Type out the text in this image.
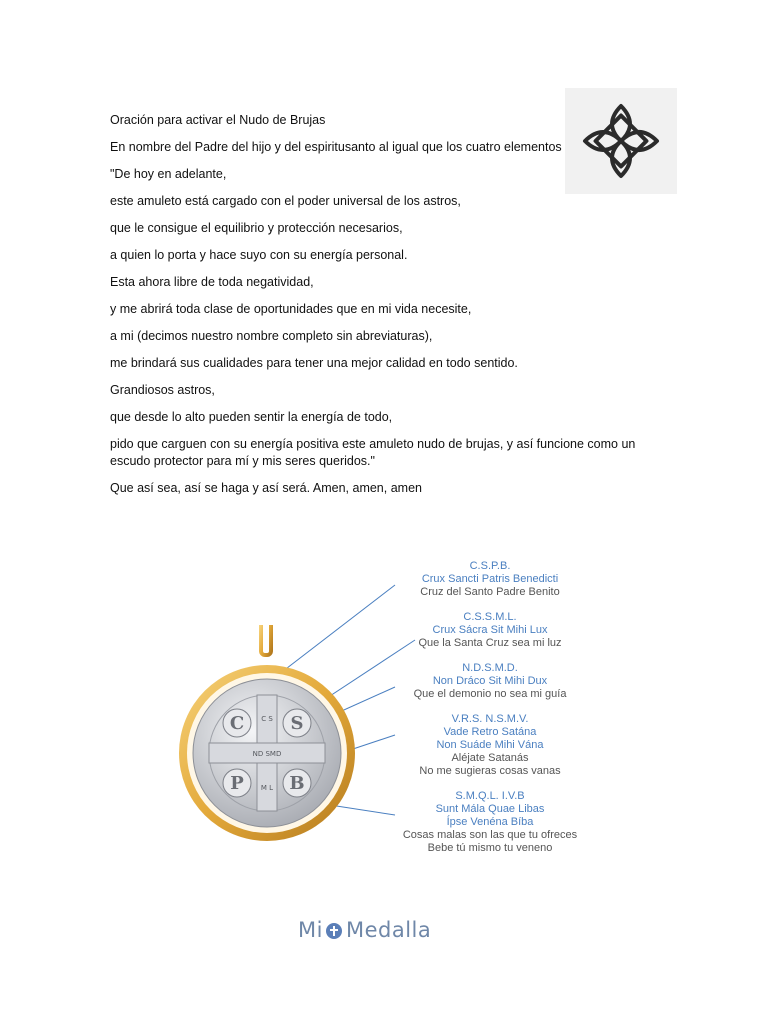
Oración para activar el Nudo de Brujas

En nombre del Padre del hijo y del espiritusanto al igual que los cuatro elementos

"De hoy en adelante,

este amuleto está cargado con el poder universal de los astros,

que le consigue el equilibrio y protección necesarios,

a quien lo porta y hace suyo con su energía personal.

Esta ahora libre de toda negatividad,

y me abrirá toda clase de oportunidades que en mi vida necesite,

a mi (decimos nuestro nombre completo sin abreviaturas),

me brindará sus cualidades para tener una mejor calidad en todo sentido.

Grandiosos astros,

que desde lo alto pueden sentir la energía de todo,

pido que carguen con su energía positiva este amuleto nudo de brujas, y así funcione como un escudo protector para mí y mis seres queridos."

Que así sea, así se haga y así será. Amen, amen, amen

C	S
P	B
C S
ND SMD
M L
C.S.P.B.
Crux Sancti Patris Benedicti
Cruz del Santo Padre Benito
C.S.S.M.L.
Crux Sácra Sit Mihi Lux
Que la Santa Cruz sea mi luz
N.D.S.M.D.
Non Dráco Sit Mihi Dux
Que el demonio no sea mi guía
V.R.S. N.S.M.V.
Vade Retro Satána
Non Suáde Mihi Vána
Aléjate Satanás
No me sugieras cosas vanas
S.M.Q.L. I.V.B
Sunt Mála Quae Libas
Ípse Venéna Bíba
Cosas malas son las que tu ofreces
Bebe tú mismo tu veneno
Mi Medalla
